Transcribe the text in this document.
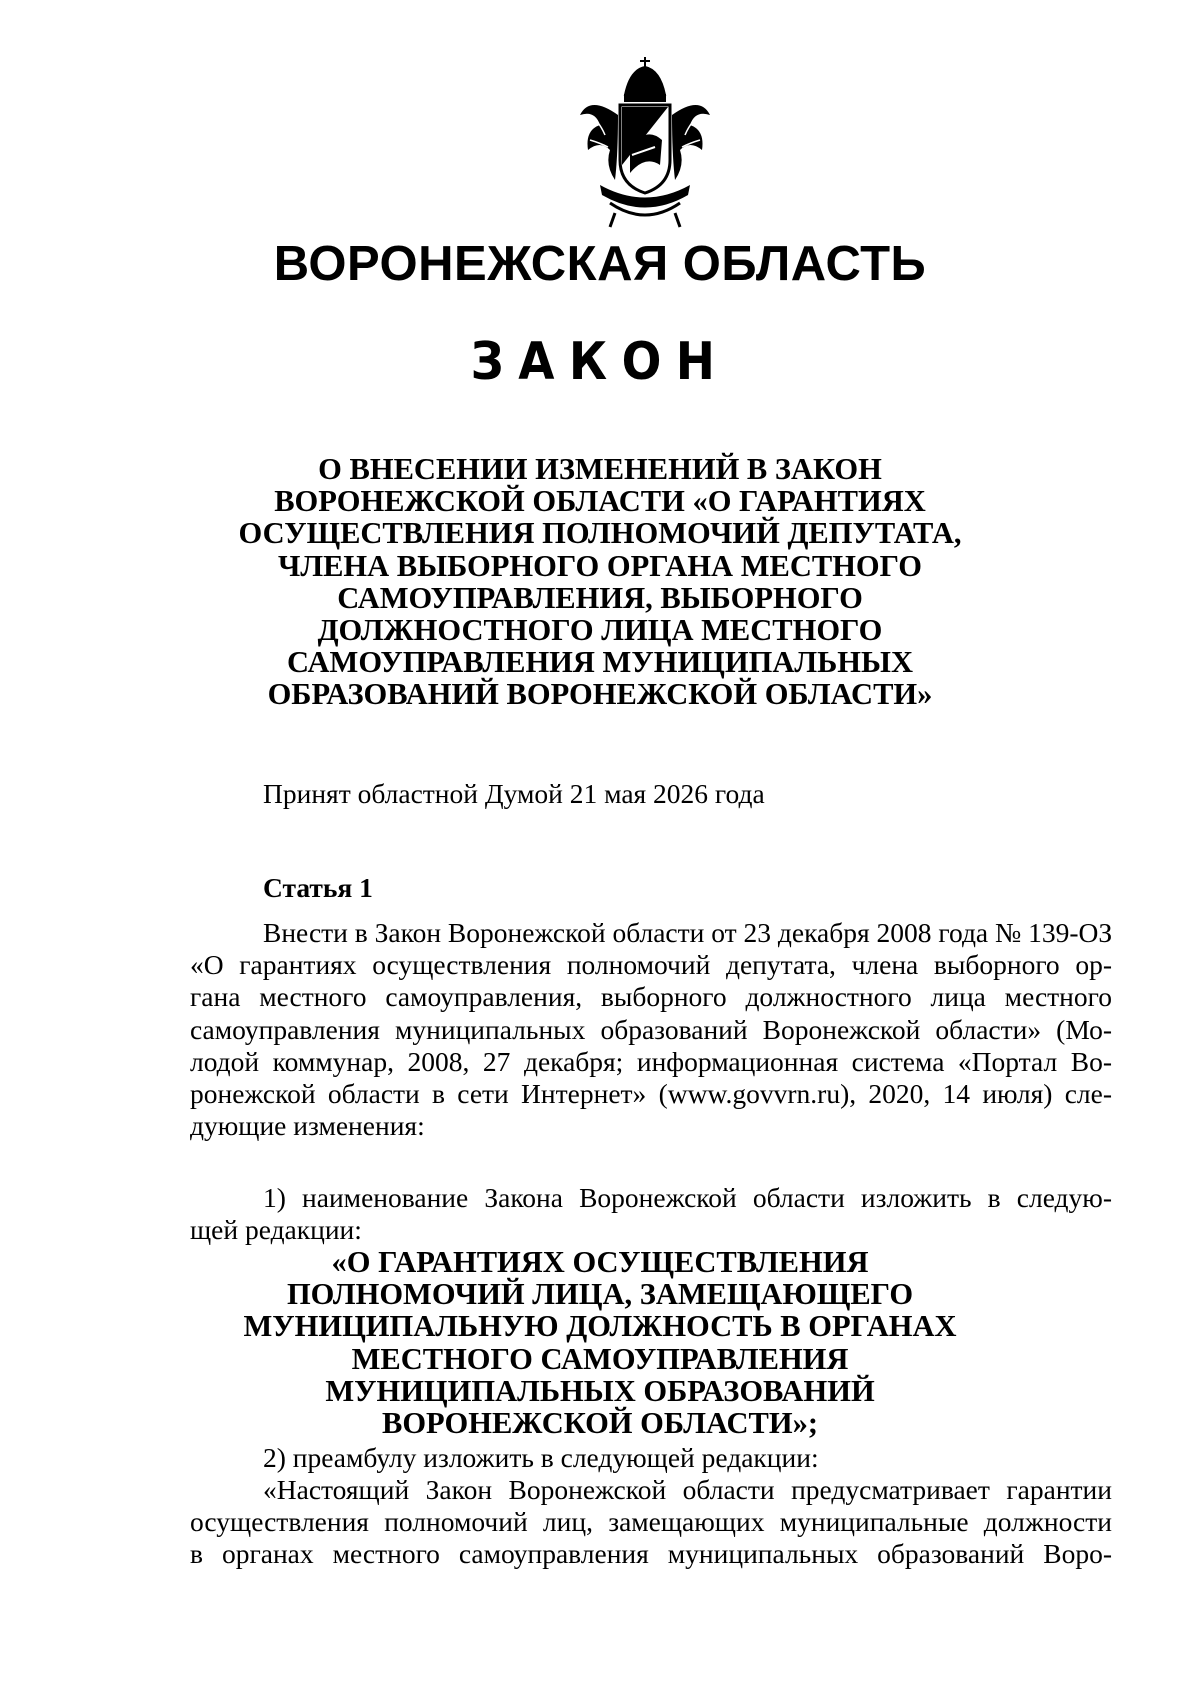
ВОРОНЕЖСКАЯ ОБЛАСТЬ
ЗАКОН
О ВНЕСЕНИИ ИЗМЕНЕНИЙ В ЗАКОН
ВОРОНЕЖСКОЙ ОБЛАСТИ «О ГАРАНТИЯХ
ОСУЩЕСТВЛЕНИЯ ПОЛНОМОЧИЙ ДЕПУТАТА,
ЧЛЕНА ВЫБОРНОГО ОРГАНА МЕСТНОГО
САМОУПРАВЛЕНИЯ, ВЫБОРНОГО
ДОЛЖНОСТНОГО ЛИЦА МЕСТНОГО
САМОУПРАВЛЕНИЯ МУНИЦИПАЛЬНЫХ
ОБРАЗОВАНИЙ ВОРОНЕЖСКОЙ ОБЛАСТИ»
Принят областной Думой 21 мая 2026 года
Статья 1
Внести в Закон Воронежской области от 23 декабря 2008 года № 139-ОЗ
«О гарантиях осуществления полномочий депутата, члена выборного ор-
гана местного самоуправления, выборного должностного лица местного
самоуправления муниципальных образований Воронежской области» (Мо-
лодой коммунар, 2008, 27 декабря; информационная система «Портал Во-
ронежской области в сети Интернет» (www.govvrn.ru), 2020, 14 июля) сле-
дующие изменения:
1) наименование Закона Воронежской области изложить в следую-
щей редакции:
«О ГАРАНТИЯХ ОСУЩЕСТВЛЕНИЯ
ПОЛНОМОЧИЙ ЛИЦА, ЗАМЕЩАЮЩЕГО
МУНИЦИПАЛЬНУЮ ДОЛЖНОСТЬ В ОРГАНАХ
МЕСТНОГО САМОУПРАВЛЕНИЯ
МУНИЦИПАЛЬНЫХ ОБРАЗОВАНИЙ
ВОРОНЕЖСКОЙ ОБЛАСТИ»;
2) преамбулу изложить в следующей редакции:
«Настоящий Закон Воронежской области предусматривает гарантии
осуществления полномочий лиц, замещающих муниципальные должности
в органах местного самоуправления муниципальных образований Воро-
